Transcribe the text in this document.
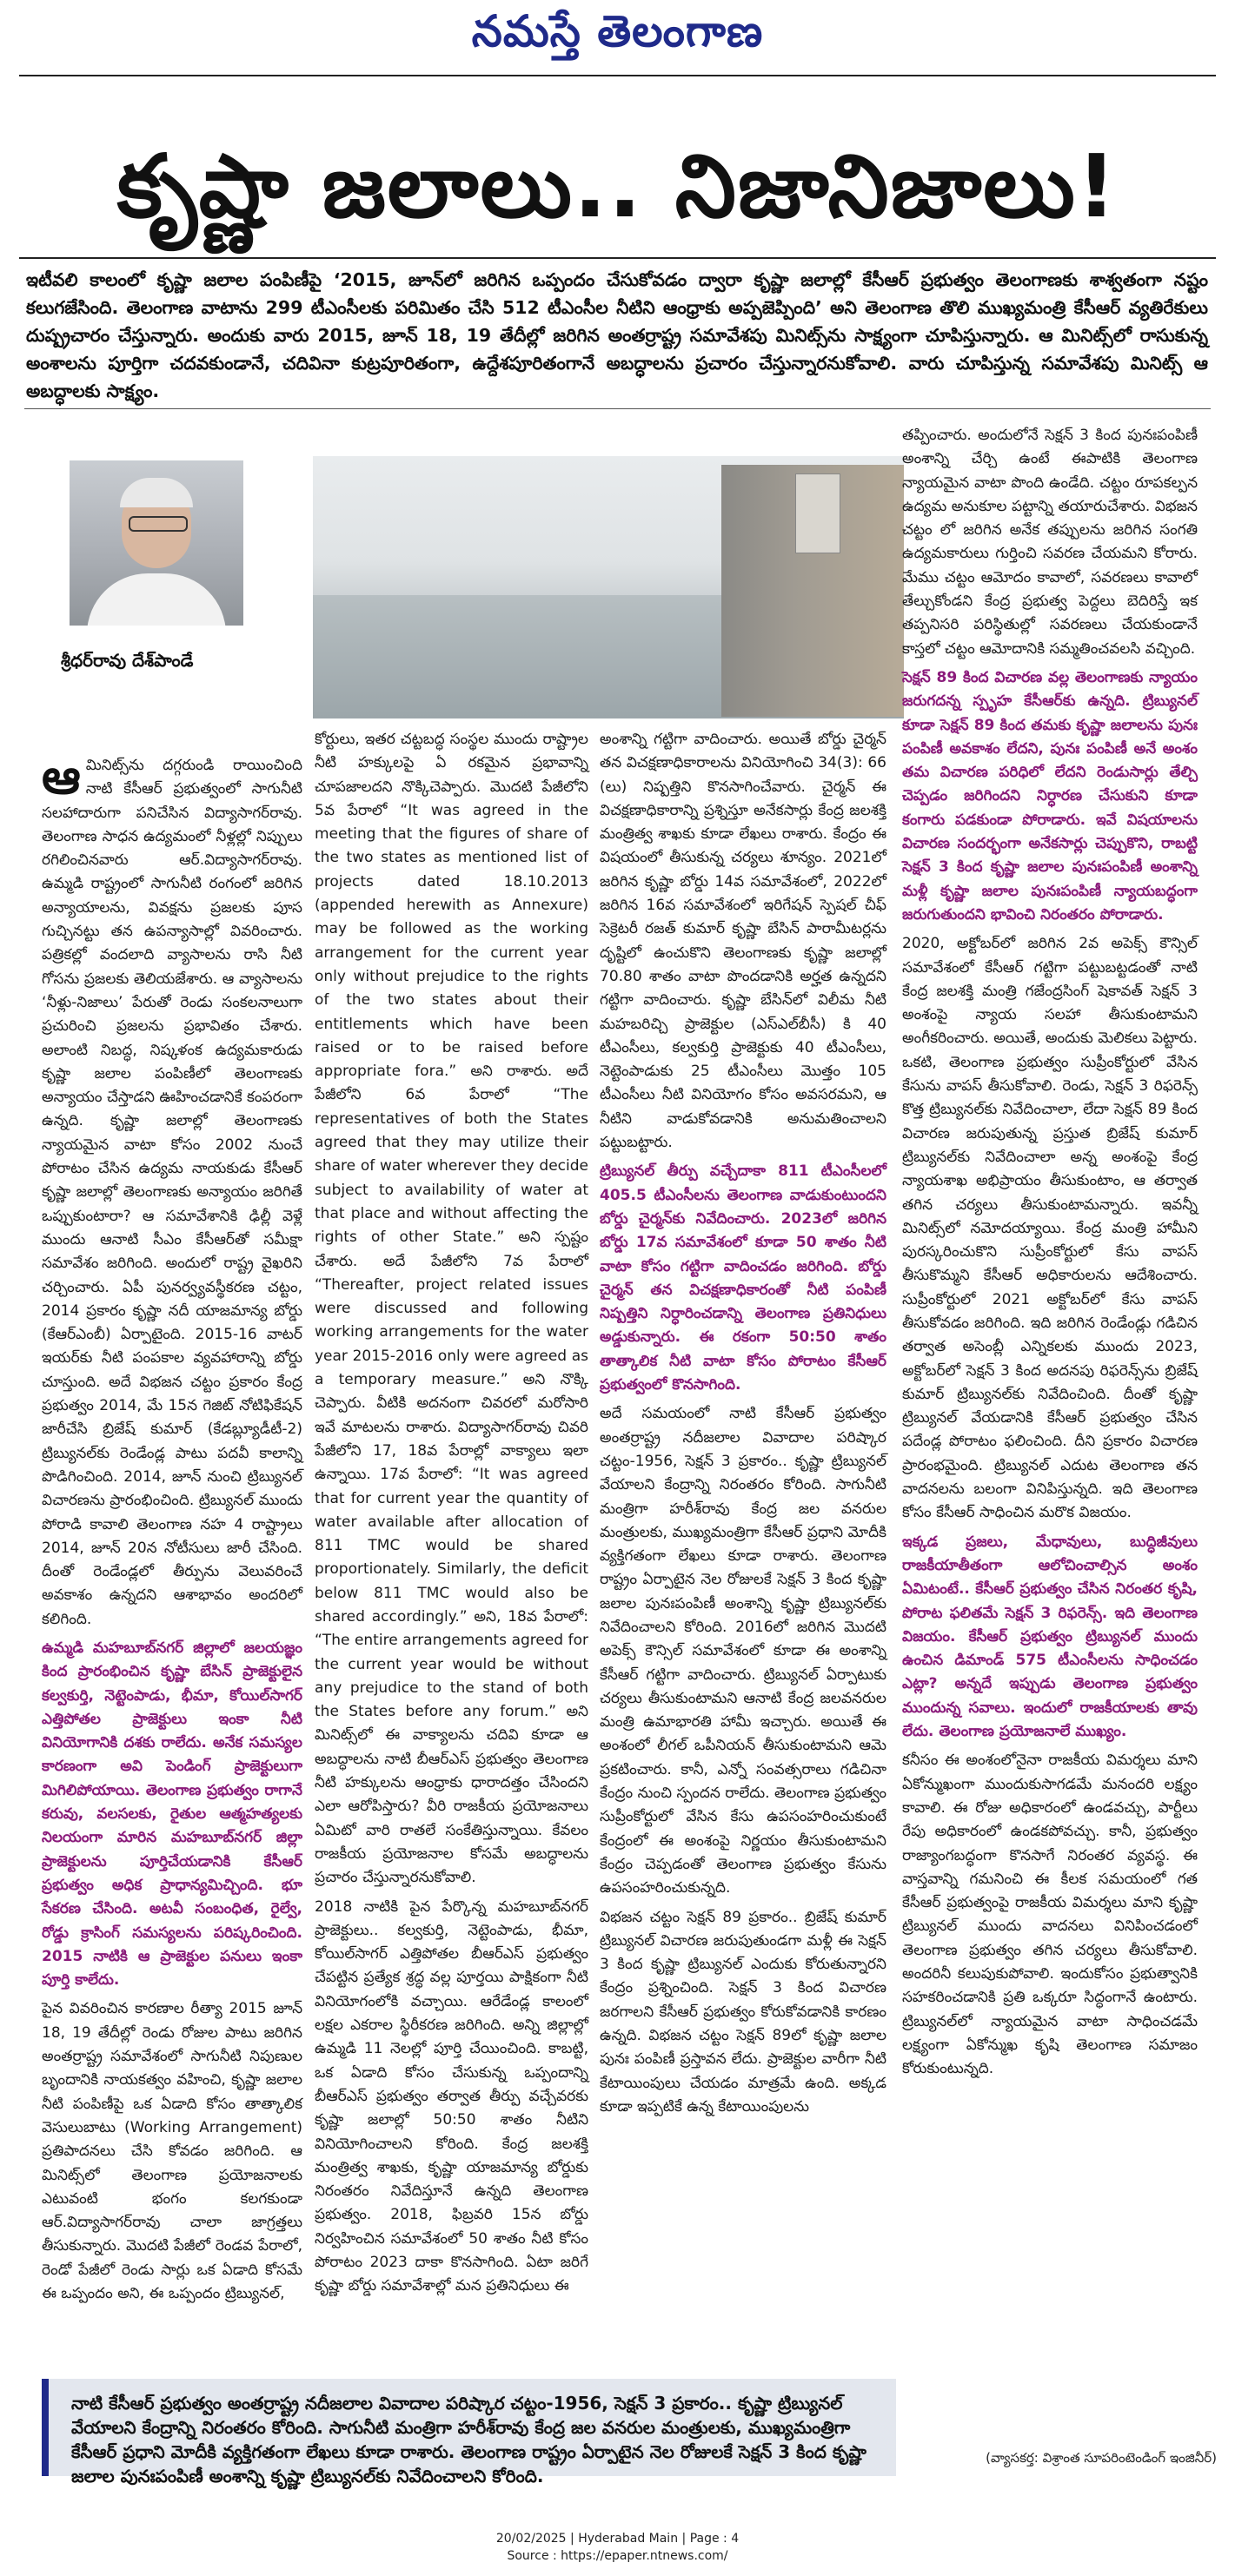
నమస్తే తెలంగాణ
కృష్ణా జలాలు.. నిజానిజాలు!
ఇటీవలి కాలంలో కృష్ణా జలాల పంపిణీపై ‘2015, జూన్‌లో జరిగిన ఒప్పందం చేసుకోవడం ద్వారా కృష్ణా జలాల్లో కేసీఆర్‌ ప్రభుత్వం తెలంగాణకు శాశ్వతంగా నష్టం కలుగజేసింది. తెలంగాణ వాటాను 299 టీఎంసీలకు పరిమితం చేసి 512 టీఎంసీల నీటిని ఆంధ్రాకు అప్పజెప్పింది’ అని తెలంగాణ తొలి ముఖ్యమంత్రి కేసీఆర్‌ వ్యతిరేకులు దుష్ప్రచారం చేస్తున్నారు. అందుకు వారు 2015, జూన్‌ 18, 19 తేదీల్లో జరిగిన అంతర్రాష్ట్ర సమావేశపు మినిట్స్‌ను సాక్ష్యంగా చూపిస్తున్నారు. ఆ మినిట్స్‌లో రాసుకున్న అంశాలను పూర్తిగా చదవకుండానే, చదివినా కుట్రపూరితంగా, ఉద్దేశపూరితంగానే అబద్ధాలను ప్రచారం చేస్తున్నారనుకోవాలి. వారు చూపిస్తున్న సమావేశపు మినిట్స్‌ ఆ అబద్ధాలకు సాక్ష్యం.
శ్రీధర్‌రావు దేశ్‌పాండే

ఆమినిట్స్‌ను దగ్గరుండి రాయించింది నాటి కేసీఆర్‌ ప్రభుత్వంలో సాగునీటి సలహాదారుగా పనిచేసిన విద్యాసాగర్‌రావు. తెలంగాణ సాధన ఉద్యమంలో నీళ్లల్లో నిప్పులు రగిలించినవారు ఆర్‌.విద్యాసాగర్‌రావు. ఉమ్మడి రాష్ట్రంలో సాగునీటి రంగంలో జరిగిన అన్యాయాలను, వివక్షను ప్రజలకు పూస గుచ్చినట్టు తన ఉపన్యాసాల్లో వివరించారు. పత్రికల్లో వందలాది వ్యాసాలను రాసి నీటి గోసను ప్రజలకు తెలియజేశారు. ఆ వ్యాసాలను ‘నీళ్లు-నిజాలు’ పేరుతో రెండు సంకలనాలుగా ప్రచురించి ప్రజలను ప్రభావితం చేశారు. అలాంటి నిబద్ధ, నిష్కళంక ఉద్యమకారుడు కృష్ణా జలాల పంపిణీలో తెలంగాణకు అన్యాయం చేస్తాడని ఊహించడానికే కంపరంగా ఉన్నది. కృష్ణా జలాల్లో తెలంగాణకు న్యాయమైన వాటా కోసం 2002 నుంచే పోరాటం చేసిన ఉద్యమ నాయకుడు కేసీఆర్‌ కృష్ణా జలాల్లో తెలంగాణకు అన్యాయం జరిగితే ఒప్పుకుంటారా? ఆ సమావేశానికి ఢిల్లీ వెళ్లే ముందు ఆనాటి సీఎం కేసీఆర్‌తో సమీక్షా సమావేశం జరిగింది. అందులో రాష్ట్ర వైఖరిని చర్చించారు. ఏపీ పునర్వ్యవస్థీకరణ చట్టం, 2014 ప్రకారం కృష్ణా నదీ యాజమాన్య బోర్డు (కేఆర్‌ఎంబీ) ఏర్పాటైంది. 2015-16 వాటర్‌ ఇయర్‌కు నీటి పంపకాల వ్యవహారాన్ని బోర్డు చూస్తుంది. అదే విభజన చట్టం ప్రకారం కేంద్ర ప్రభుత్వం 2014, మే 15న గెజిట్‌ నోటిఫికేషన్‌ జారీచేసి బ్రిజేష్‌ కుమార్‌ (కేడబ్ల్యూడీటీ-2) ట్రిబ్యునల్‌కు రెండేండ్ల పాటు పదవీ కాలాన్ని పొడిగించింది. 2014, జూన్‌ నుంచి ట్రిబ్యునల్‌ విచారణను ప్రారంభించింది. ట్రిబ్యునల్‌ ముందు పోరాడి కావాలి తెలంగాణ నహ 4 రాష్ట్రాలు 2014, జూన్‌ 20న నోటీసులు జారీ చేసింది. దీంతో రెండేండ్లలో తీర్పును వెలువరించే అవకాశం ఉన్నదని ఆశాభావం అందరిలో కలిగింది.

ఉమ్మడి మహబూబ్‌నగర్‌ జిల్లాలో జలయజ్ఞం కింద ప్రారంభించిన కృష్ణా బేసిన్‌ ప్రాజెక్టులైన కల్వకుర్తి, నెట్టెంపాడు, భీమా, కోయిల్‌సాగర్‌ ఎత్తిపోతల ప్రాజెక్టులు ఇంకా నీటి వినియోగానికి దశకు రాలేదు. అనేక సమస్యల కారణంగా అవి పెండింగ్‌ ప్రాజెక్టులుగా మిగిలిపోయాయి. తెలంగాణ ప్రభుత్వం రాగానే కరువు, వలసలకు, రైతుల ఆత్మహత్యలకు నిలయంగా మారిన మహబూబ్‌నగర్‌ జిల్లా ప్రాజెక్టులను పూర్తిచేయడానికి కేసీఆర్‌ ప్రభుత్వం అధిక ప్రాధాన్యమిచ్చింది. భూ సేకరణ చేసింది. అటవీ సంబంధిత, రైల్వే, రోడ్డు క్రాసింగ్‌ సమస్యలను పరిష్కరించింది. 2015 నాటికి ఆ ప్రాజెక్టుల పనులు ఇంకా పూర్తి కాలేదు.

పైన వివరించిన కారణాల రీత్యా 2015 జూన్‌ 18, 19 తేదీల్లో రెండు రోజుల పాటు జరిగిన అంతర్రాష్ట్ర సమావేశంలో సాగునీటి నిపుణుల బృందానికి నాయకత్వం వహించి, కృష్ణా జలాల నీటి పంపిణీపై ఒక ఏడాది కోసం తాత్కాలిక వెసులుబాటు (Working Arrangement) ప్రతిపాదనలు చేసి కోవడం జరిగింది. ఆ మినిట్స్‌లో తెలంగాణ ప్రయోజనాలకు ఎటువంటి భంగం కలగకుండా ఆర్‌.విద్యాసాగర్‌రావు చాలా జాగ్రత్తలు తీసుకున్నారు. మొదటి పేజీలో రెండవ పేరాలో, రెండో పేజీలో రెండు సార్లు ఒక ఏడాది కోసమే ఈ ఒప్పందం అని, ఈ ఒప్పందం ట్రిబ్యునల్‌,

కోర్టులు, ఇతర చట్టబద్ధ సంస్థల ముందు రాష్ట్రాల నీటి హక్కులపై ఏ రకమైన ప్రభావాన్ని చూపజాలదని నొక్కిచెప్పారు. మొదటి పేజీలోని 5వ పేరాలో “It was agreed in the meeting that the figures of share of the two states as mentioned list of projects dated 18.10.2013 (appended herewith as Annexure) may be followed as the working arrangement for the current year only without prejudice to the rights of the two states about their entitlements which have been raised or to be raised before appropriate fora.” అని రాశారు. అదే పేజీలోని 6వ పేరాలో “The representatives of both the States agreed that they may utilize their share of water wherever they decide subject to availability of water at that place and without affecting the rights of other State.” అని స్పష్టం చేశారు. అదే పేజీలోని 7వ పేరాలో “Thereafter, project related issues were discussed and following working arrangements for the water year 2015-2016 only were agreed as a temporary measure.” అని నొక్కి చెప్పారు. వీటికి అదనంగా చివరలో మరోసారి ఇవే మాటలను రాశారు. విద్యాసాగర్‌రావు చివరి పేజీలోని 17, 18వ పేరాల్లో వాక్యాలు ఇలా ఉన్నాయి. 17వ పేరాలో: “It was agreed that for current year the quantity of water available after allocation of 811 TMC would be shared proportionately. Similarly, the deficit below 811 TMC would also be shared accordingly.” అని, 18వ పేరాలో: “The entire arrangements agreed for the current year would be without any prejudice to the stand of both the States before any forum.” అని మినిట్స్‌లో ఈ వాక్యాలను చదివి కూడా ఆ అబద్ధాలను నాటి బీఆర్‌ఎస్‌ ప్రభుత్వం తెలంగాణ నీటి హక్కులను ఆంధ్రాకు ధారాదత్తం చేసిందని ఎలా ఆరోపిస్తారు? వీరి రాజకీయ ప్రయోజనాలు ఏమిటో వారి రాతలే సంకేతిస్తున్నాయి. కేవలం రాజకీయ ప్రయోజనాల కోసమే అబద్ధాలను ప్రచారం చేస్తున్నారనుకోవాలి.

2018 నాటికి పైన పేర్కొన్న మహబూబ్‌నగర్‌ ప్రాజెక్టులు.. కల్వకుర్తి, నెట్టెంపాడు, భీమా, కోయిల్‌సాగర్‌ ఎత్తిపోతల బీఆర్‌ఎస్‌ ప్రభుత్వం చేపట్టిన ప్రత్యేక శ్రద్ధ వల్ల పూర్తయి పాక్షికంగా నీటి వినియోగంలోకి వచ్చాయి. ఆరేడేండ్ల కాలంలో లక్షల ఎకరాల స్థిరీకరణ జరిగింది. అన్ని జిల్లాల్లో ఉమ్మడి 11 నెలల్లో పూర్తి చేయించింది. కాబట్టి, ఒక ఏడాది కోసం చేసుకున్న ఒప్పందాన్ని బీఆర్‌ఎస్‌ ప్రభుత్వం తర్వాత తీర్పు వచ్చేవరకు కృష్ణా జలాల్లో 50:50 శాతం నీటిని వినియోగించాలని కోరింది. కేంద్ర జలశక్తి మంత్రిత్వ శాఖకు, కృష్ణా యాజమాన్య బోర్డుకు నిరంతరం నివేదిస్తూనే ఉన్నది తెలంగాణ ప్రభుత్వం. 2018, ఫిబ్రవరి 15న బోర్డు నిర్వహించిన సమావేశంలో 50 శాతం నీటి కోసం పోరాటం 2023 దాకా కొనసాగింది. ఏటా జరిగే కృష్ణా బోర్డు సమావేశాల్లో మన ప్రతినిధులు ఈ

అంశాన్ని గట్టిగా వాదించారు. అయితే బోర్డు చైర్మన్‌ తన విచక్షణాధికారాలను వినియోగించి 34(3): 66 (లు) నిష్పత్తిని కొనసాగించేవారు. చైర్మన్‌ ఈ విచక్షణాధికారాన్ని ప్రశ్నిస్తూ అనేకసార్లు కేంద్ర జలశక్తి మంత్రిత్వ శాఖకు కూడా లేఖలు రాశారు. కేంద్రం ఈ విషయంలో తీసుకున్న చర్యలు శూన్యం. 2021లో జరిగిన కృష్ణా బోర్డు 14వ సమావేశంలో, 2022లో జరిగిన 16వ సమావేశంలో ఇరిగేషన్‌ స్పెషల్‌ చీఫ్‌ సెక్రెటరీ రజత్‌ కుమార్‌ కృష్ణా బేసిన్‌ పారామీటర్లను దృష్టిలో ఉంచుకొని తెలంగాణకు కృష్ణా జలాల్లో 70.80 శాతం వాటా పొందడానికి అర్హత ఉన్నదని గట్టిగా వాదించారు. కృష్ణా బేసిన్‌లో విలీమ నీటి మహబరిచ్చి ప్రాజెక్టుల (ఎస్‌ఎల్‌బీసీ) కి 40 టీఎంసీలు, కల్వకుర్తి ప్రాజెక్టుకు 40 టీఎంసీలు, నెట్టెంపాడుకు 25 టీఎంసీలు మొత్తం 105 టీఎంసీలు నీటి వినియోగం కోసం అవసరమని, ఆ నీటిని వాడుకోవడానికి అనుమతించాలని పట్టుబట్టారు.

ట్రిబ్యునల్‌ తీర్పు వచ్చేదాకా 811 టీఎంసీలలో 405.5 టీఎంసీలను తెలంగాణ వాడుకుంటుందని బోర్డు చైర్మన్‌కు నివేదించారు. 2023లో జరిగిన బోర్డు 17వ సమావేశంలో కూడా 50 శాతం నీటి వాటా కోసం గట్టిగా వాదించడం జరిగింది. బోర్డు చైర్మన్‌ తన విచక్షణాధికారంతో నీటి పంపిణీ నిష్పత్తిని నిర్ధారించడాన్ని తెలంగాణ ప్రతినిధులు అడ్డుకున్నారు. ఈ రకంగా 50:50 శాతం తాత్కాలిక నీటి వాటా కోసం పోరాటం కేసీఆర్‌ ప్రభుత్వంలో కొనసాగింది.

అదే సమయంలో నాటి కేసీఆర్‌ ప్రభుత్వం అంతర్రాష్ట్ర నదీజలాల వివాదాల పరిష్కార చట్టం-1956, సెక్షన్‌ 3 ప్రకారం.. కృష్ణా ట్రిబ్యునల్‌ వేయాలని కేంద్రాన్ని నిరంతరం కోరింది. సాగునీటి మంత్రిగా హరీశ్‌రావు కేంద్ర జల వనరుల మంత్రులకు, ముఖ్యమంత్రిగా కేసీఆర్‌ ప్రధాని మోదీకి వ్యక్తిగతంగా లేఖలు కూడా రాశారు. తెలంగాణ రాష్ట్రం ఏర్పాటైన నెల రోజులకే సెక్షన్‌ 3 కింద కృష్ణా జలాల పునఃపంపిణీ అంశాన్ని కృష్ణా ట్రిబ్యునల్‌కు నివేదించాలని కోరింది. 2016లో జరిగిన మొదటి అపెక్స్‌ కౌన్సిల్‌ సమావేశంలో కూడా ఈ అంశాన్ని కేసీఆర్‌ గట్టిగా వాదించారు. ట్రిబ్యునల్‌ ఏర్పాటుకు చర్యలు తీసుకుంటామని ఆనాటి కేంద్ర జలవనరుల మంత్రి ఉమాభారతి హామీ ఇచ్చారు. అయితే ఈ అంశంలో లీగల్‌ ఒపీనియన్‌ తీసుకుంటామని ఆమె ప్రకటించారు. కానీ, ఎన్నో సంవత్సరాలు గడిచినా కేంద్రం నుంచి స్పందన రాలేదు. తెలంగాణ ప్రభుత్వం సుప్రీంకోర్టులో వేసిన కేసు ఉపసంహరించుకుంటే కేంద్రంలో ఈ అంశంపై నిర్ణయం తీసుకుంటామని కేంద్రం చెప్పడంతో తెలంగాణ ప్రభుత్వం కేసును ఉపసంహరించుకున్నది.

విభజన చట్టం సెక్షన్‌ 89 ప్రకారం.. బ్రిజేష్‌ కుమార్‌ ట్రిబ్యునల్‌ విచారణ జరుపుతుండగా మళ్లీ ఈ సెక్షన్‌ 3 కింద కృష్ణా ట్రిబ్యునల్‌ ఎందుకు కోరుతున్నారని కేంద్రం ప్రశ్నించింది. సెక్షన్‌ 3 కింద విచారణ జరగాలని కేసీఆర్‌ ప్రభుత్వం కోరుకోవడానికి కారణం ఉన్నది. విభజన చట్టం సెక్షన్‌ 89లో కృష్ణా జలాల పునః పంపిణీ ప్రస్తావన లేదు. ప్రాజెక్టుల వారీగా నీటి కేటాయింపులు చేయడం మాత్రమే ఉంది. అక్కడ కూడా ఇప్పటికే ఉన్న కేటాయింపులను

తప్పించారు. అందులోనే సెక్షన్‌ 3 కింద పునఃపంపిణీ అంశాన్ని చేర్చి ఉంటే ఈపాటికి తెలంగాణ న్యాయమైన వాటా పొంది ఉండేది. చట్టం రూపకల్పన ఉద్యమ అనుకూల పట్టాన్ని తయారుచేశారు. విభజన చట్టం లో జరిగిన అనేక తప్పులను జరిగిన సంగతి ఉద్యమకారులు గుర్తించి సవరణ చేయమని కోరారు. మేము చట్టం ఆమోదం కావాలో, సవరణలు కావాలో తేల్చుకోండని కేంద్ర ప్రభుత్వ పెద్దలు బెదిరిస్తే ఇక తప్పనిసరి పరిస్థితుల్లో సవరణలు చేయకుండానే కాస్తలో చట్టం ఆమోదానికి సమ్మతించవలసి వచ్చింది.

సెక్షన్‌ 89 కింద విచారణ వల్ల తెలంగాణకు న్యాయం జరుగదన్న స్పృహ కేసీఆర్‌కు ఉన్నది. ట్రిబ్యునల్‌ కూడా సెక్షన్‌ 89 కింద తమకు కృష్ణా జలాలను పునః పంపిణీ అవకాశం లేదని, పునః పంపిణీ అనే అంశం తమ విచారణ పరిధిలో లేదని రెండుసార్లు తేల్చి చెప్పడం జరిగిందని నిర్ధారణ చేసుకుని కూడా కంగారు పడకుండా పోరాడారు. ఇవే విషయాలను విచారణ సందర్భంగా అనేకసార్లు చెప్పుకొని, రాబట్టి సెక్షన్‌ 3 కింద కృష్ణా జలాల పునఃపంపిణీ అంశాన్ని మళ్లీ కృష్ణా జలాల పునఃపంపిణీ న్యాయబద్ధంగా జరుగుతుందని భావించి నిరంతరం పోరాడారు.

2020, అక్టోబర్‌లో జరిగిన 2వ అపెక్స్‌ కౌన్సిల్‌ సమావేశంలో కేసీఆర్‌ గట్టిగా పట్టుబట్టడంతో నాటి కేంద్ర జలశక్తి మంత్రి గజేంద్రసింగ్‌ షెకావత్‌ సెక్షన్‌ 3 అంశంపై న్యాయ సలహా తీసుకుంటామని అంగీకరించారు. అయితే, అందుకు మెలికలు పెట్టారు. ఒకటి, తెలంగాణ ప్రభుత్వం సుప్రీంకోర్టులో వేసిన కేసును వాపస్‌ తీసుకోవాలి. రెండు, సెక్షన్‌ 3 రిఫరెన్స్‌ కొత్త ట్రిబ్యునల్‌కు నివేదించాలా, లేదా సెక్షన్‌ 89 కింద విచారణ జరుపుతున్న ప్రస్తుత బ్రిజేష్‌ కుమార్‌ ట్రిబ్యునల్‌కు నివేదించాలా అన్న అంశంపై కేంద్ర న్యాయశాఖ అభిప్రాయం తీసుకుంటాం, ఆ తర్వాత తగిన చర్యలు తీసుకుంటామన్నారు. ఇవన్నీ మినిట్స్‌లో నమోదయ్యాయి. కేంద్ర మంత్రి హామీని పురస్కరించుకొని సుప్రీంకోర్టులో కేసు వాపస్‌ తీసుకొమ్మని కేసీఆర్‌ అధికారులను ఆదేశించారు. సుప్రీంకోర్టులో 2021 అక్టోబర్‌లో కేసు వాపస్‌ తీసుకోవడం జరిగింది. ఇది జరిగిన రెండేండ్లు గడిచిన తర్వాత అసెంబ్లీ ఎన్నికలకు ముందు 2023, అక్టోబర్‌లో సెక్షన్‌ 3 కింద అదనపు రిఫరెన్స్‌ను బ్రిజేష్‌ కుమార్‌ ట్రిబ్యునల్‌కు నివేదించింది. దీంతో కృష్ణా ట్రిబ్యునల్‌ వేయడానికి కేసీఆర్‌ ప్రభుత్వం చేసిన పదేండ్ల పోరాటం ఫలించింది. దీని ప్రకారం విచారణ ప్రారంభమైంది. ట్రిబ్యునల్‌ ఎదుట తెలంగాణ తన వాదనలను బలంగా వినిపిస్తున్నది. ఇది తెలంగాణ కోసం కేసీఆర్‌ సాధించిన మరొక విజయం.

ఇక్కడ ప్రజలు, మేధావులు, బుద్ధిజీవులు రాజకీయాతీతంగా ఆలోచించాల్సిన అంశం ఏమిటంటే.. కేసీఆర్‌ ప్రభుత్వం చేసిన నిరంతర కృషి, పోరాట ఫలితమే సెక్షన్‌ 3 రిఫరెన్స్‌. ఇది తెలంగాణ విజయం. కేసీఆర్‌ ప్రభుత్వం ట్రిబ్యునల్‌ ముందు ఉంచిన డిమాండ్‌ 575 టీఎంసీలను సాధించడం ఎట్లా? అన్నదే ఇప్పుడు తెలంగాణ ప్రభుత్వం ముందున్న సవాలు. ఇందులో రాజకీయాలకు తావు లేదు. తెలంగాణ ప్రయోజనాలే ముఖ్యం.

కనీసం ఈ అంశంలోనైనా రాజకీయ విమర్శలు మాని ఏకోన్ముఖంగా ముందుకుసాగడమే మనందరి లక్ష్యం కావాలి. ఈ రోజు అధికారంలో ఉండవచ్చు, పార్టీలు రేపు అధికారంలో ఉండకపోవచ్చు. కానీ, ప్రభుత్వం రాజ్యాంగబద్ధంగా కొనసాగే నిరంతర వ్యవస్థ. ఈ వాస్తవాన్ని గమనించి ఈ కీలక సమయంలో గత కేసీఆర్‌ ప్రభుత్వంపై రాజకీయ విమర్శలు మాని కృష్ణా ట్రిబ్యునల్‌ ముందు వాదనలు వినిపించడంలో తెలంగాణ ప్రభుత్వం తగిన చర్యలు తీసుకోవాలి. అందరినీ కలుపుకుపోవాలి. ఇందుకోసం ప్రభుత్వానికి సహకరించడానికి ప్రతి ఒక్కరూ సిద్ధంగానే ఉంటారు. ట్రిబ్యునల్‌లో న్యాయమైన వాటా సాధించడమే లక్ష్యంగా ఏకోన్ముఖ కృషి తెలంగాణ సమాజం కోరుకుంటున్నది.

నాటి కేసీఆర్‌ ప్రభుత్వం అంతర్రాష్ట్ర నదీజలాల వివాదాల పరిష్కార చట్టం-1956, సెక్షన్‌ 3 ప్రకారం.. కృష్ణా ట్రిబ్యునల్‌ వేయాలని కేంద్రాన్ని నిరంతరం కోరింది. సాగునీటి మంత్రిగా హరీశ్‌రావు కేంద్ర జల వనరుల మంత్రులకు, ముఖ్యమంత్రిగా కేసీఆర్‌ ప్రధాని మోదీకి వ్యక్తిగతంగా లేఖలు కూడా రాశారు. తెలంగాణ రాష్ట్రం ఏర్పాటైన నెల రోజులకే సెక్షన్‌ 3 కింద కృష్ణా జలాల పునఃపంపిణీ అంశాన్ని కృష్ణా ట్రిబ్యునల్‌కు నివేదించాలని కోరింది.
(వ్యాసకర్త: విశ్రాంత సూపరింటెండింగ్‌ ఇంజినీర్‌)
20/02/2025 | Hyderabad Main | Page : 4
Source : https://epaper.ntnews.com/
